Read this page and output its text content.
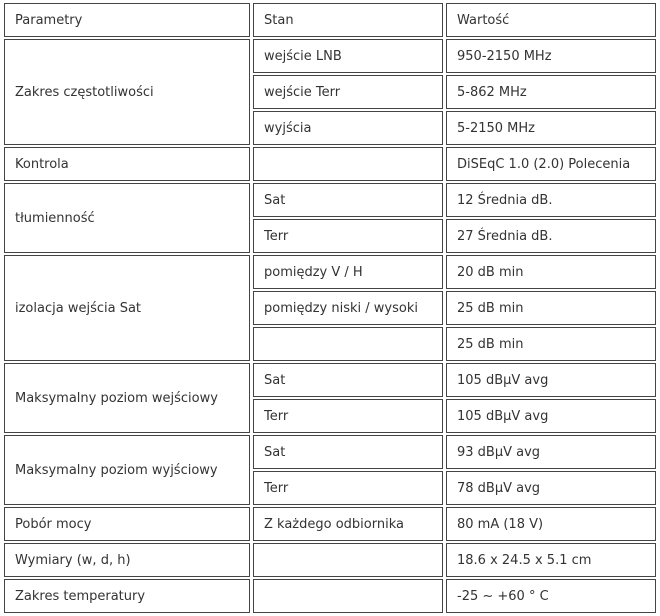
Parametry	Stan	Wartość
Zakres częstotliwości	wejście LNB	950-2150 MHz
	wejście Terr	5-862 MHz
	wyjścia	5-2150 MHz
Kontrola		DiSEqC 1.0 (2.0) Polecenia
tłumienność	Sat	12 Średnia dB.
	Terr	27 Średnia dB.
izolacja wejścia Sat	pomiędzy V / H	20 dB min
	pomiędzy niski / wysoki	25 dB min
		25 dB min
Maksymalny poziom wejściowy	Sat	105 dBµV avg
	Terr	105 dBµV avg
Maksymalny poziom wyjściowy	Sat	93 dBµV avg
	Terr	78 dBµV avg
Pobór mocy	Z każdego odbiornika	80 mA (18 V)
Wymiary (w, d, h)		18.6 x 24.5 x 5.1 cm
Zakres temperatury		-25 ~ +60 ° C
